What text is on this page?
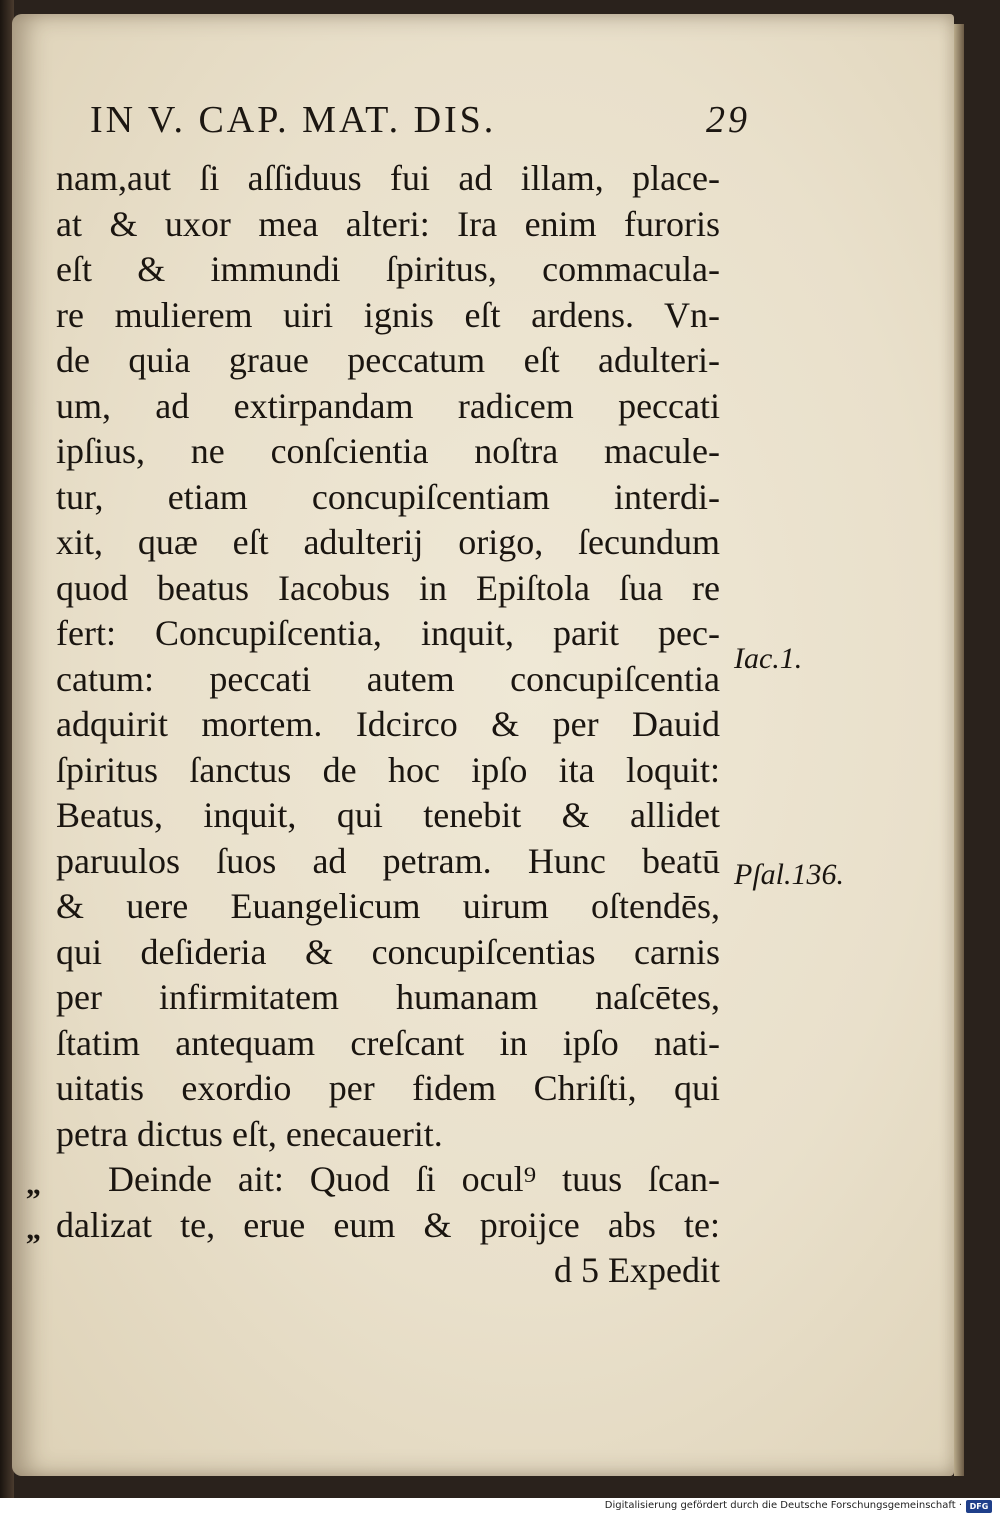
IN V. CAP. MAT. DIS.	29
nam,aut ſi aſſiduus fui ad illam, place-
at & uxor mea alteri: Ira enim furoris
eſt & immundi ſpiritus, commacula-
re mulierem uiri ignis eſt ardens. Vn-
de quia graue peccatum eſt adulteri-
um, ad extirpandam radicem peccati
ipſius, ne conſcientia noſtra macule-
tur, etiam concupiſcentiam interdi-
xit, quæ eſt adulterij origo, ſecundum
quod beatus Iacobus in Epiſtola ſua re
fert: Concupiſcentia, inquit, parit pec-
catum: peccati autem concupiſcentia
adquirit mortem. Idcirco & per Dauid
ſpiritus ſanctus de hoc ipſo ita loquit:
Beatus, inquit, qui tenebit & allidet
paruulos ſuos ad petram. Hunc beatū
& uere Euangelicum uirum oſtendēs,
qui deſideria & concupiſcentias carnis
per infirmitatem humanam naſcētes,
ſtatim antequam creſcant in ipſo nati-
uitatis exordio per fidem Chriſti, qui
petra dictus eſt, enecauerit.
Deinde ait: Quod ſi ocul⁹ tuus ſcan-
dalizat te, erue eum & proijce abs te:
d 5 Expedit
„
„
Iac.1.
Pſal.136.
Digitalisierung gefördert durch die Deutsche Forschungsgemeinschaft · DFG
